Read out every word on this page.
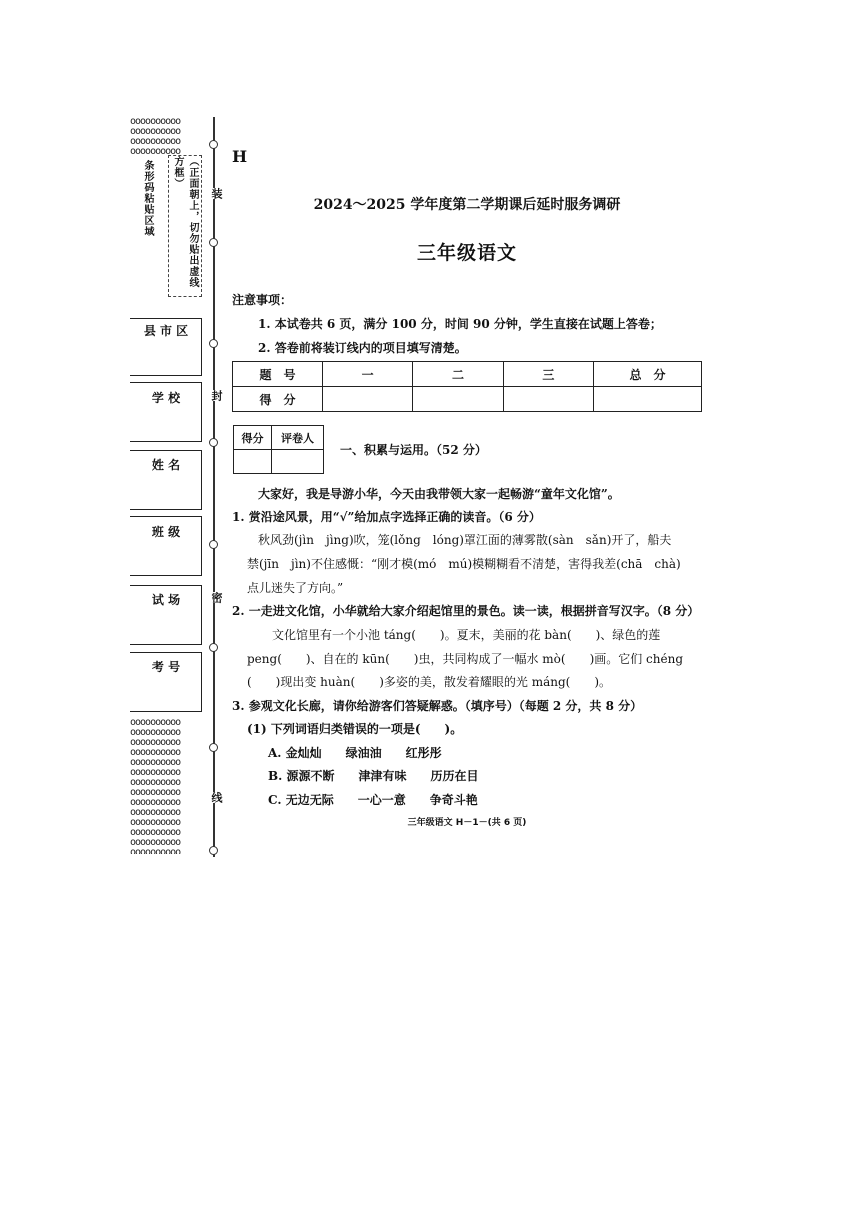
oooooooooo
oooooooooo
oooooooooo
oooooooooo
oooooooooo
oooooooooo
oooooooooo
oooooooooo
oooooooooo
oooooooooo
oooooooooo
oooooooooo
oooooooooo
oooooooooo
oooooooooo
oooooooooo
oooooooooo
oooooooooo
（正面朝上，切勿贴出虚线方框）
条形码粘贴区域
县 市 区
学 校
姓 名
班 级
试 场
考 号
装
封
密
线
H
2024～2025 学年度第二学期课后延时服务调研
三年级语文
注意事项：
1. 本试卷共 6 页，满分 100 分，时间 90 分钟，学生直接在试题上答卷；
2. 答卷前将装订线内的项目填写清楚。
题　号	一	二	三	总　分
得　分				
得分	评卷人

一、积累与运用。（52 分）
大家好，我是导游小华，今天由我带领大家一起畅游“童年文化馆”。
1. 赏沿途风景，用“√”给加点字选择正确的读音。（6 分）
秋风劲(jìn　jìng)吹，笼(lǒng　lóng)罩江面的薄雾散(sàn　sǎn)开了，船夫
禁(jīn　jìn)不住感慨：“刚才模(mó　mú)模糊糊看不清楚，害得我差(chā　chà)
点儿迷失了方向。”
2. 一走进文化馆，小华就给大家介绍起馆里的景色。读一读，根据拼音写汉字。（8 分）
文化馆里有一个小池 táng(　　)。夏末，美丽的花 bàn(　　)、绿色的莲
peng(　　)、自在的 kūn(　　)虫，共同构成了一幅水 mò(　　)画。它们 chéng
(　　)现出变 huàn(　　)多姿的美，散发着耀眼的光 máng(　　)。
3. 参观文化长廊，请你给游客们答疑解惑。（填序号）（每题 2 分，共 8 分）
(1) 下列词语归类错误的一项是(　　)。
A. 金灿灿　　绿油油　　红彤彤
B. 源源不断　　津津有味　　历历在目
C. 无边无际　　一心一意　　争奇斗艳
三年级语文 H－1－(共 6 页)
